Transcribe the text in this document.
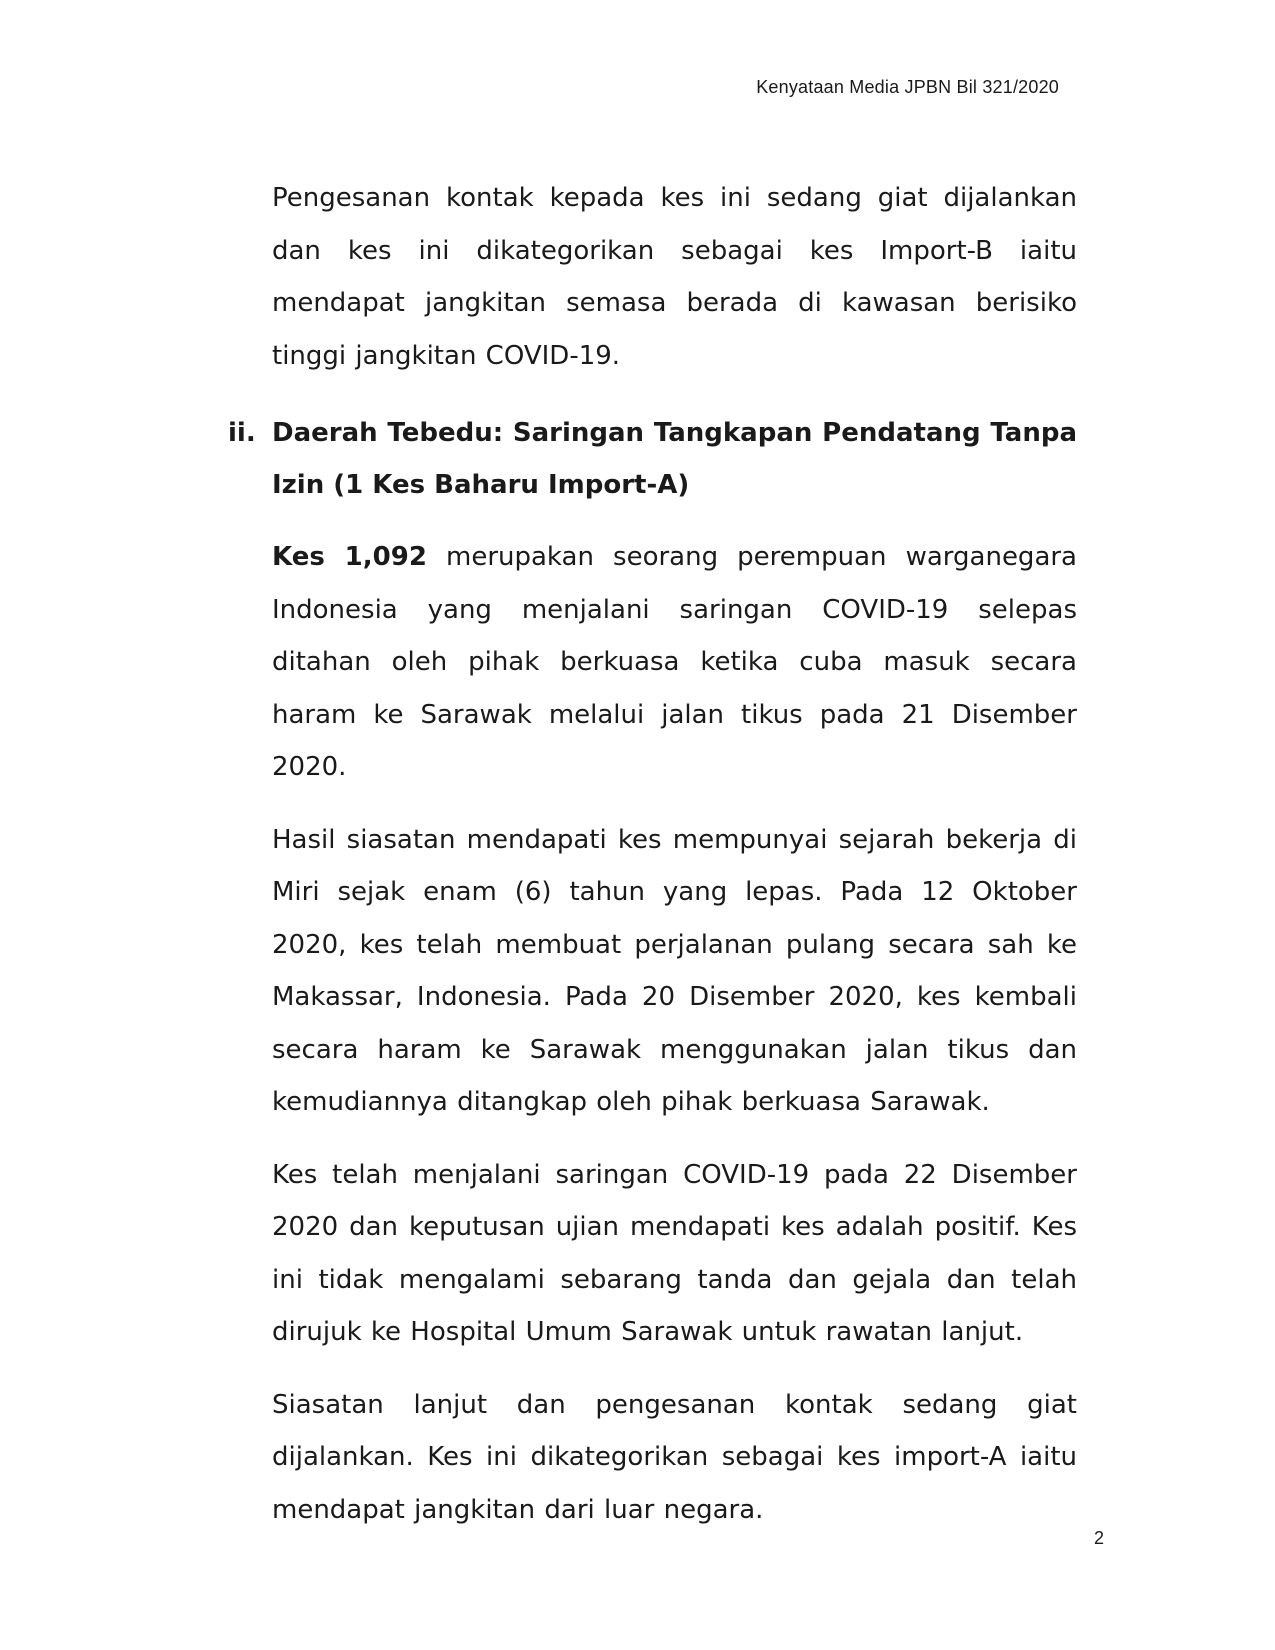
Kenyataan Media JPBN Bil 321/2020

Pengesanan kontak kepada kes ini sedang giat dijalankan dan kes ini dikategorikan sebagai kes Import-B iaitu mendapat jangkitan semasa berada di kawasan berisiko tinggi jangkitan COVID-19.

ii. Daerah Tebedu: Saringan Tangkapan Pendatang Tanpa Izin (1 Kes Baharu Import-A)

Kes 1,092 merupakan seorang perempuan warganegara Indonesia yang menjalani saringan COVID-19 selepas ditahan oleh pihak berkuasa ketika cuba masuk secara haram ke Sarawak melalui jalan tikus pada 21 Disember 2020.

Hasil siasatan mendapati kes mempunyai sejarah bekerja di Miri sejak enam (6) tahun yang lepas. Pada 12 Oktober 2020, kes telah membuat perjalanan pulang secara sah ke Makassar, Indonesia. Pada 20 Disember 2020, kes kembali secara haram ke Sarawak menggunakan jalan tikus dan kemudiannya ditangkap oleh pihak berkuasa Sarawak.

Kes telah menjalani saringan COVID-19 pada 22 Disember 2020 dan keputusan ujian mendapati kes adalah positif. Kes ini tidak mengalami sebarang tanda dan gejala dan telah dirujuk ke Hospital Umum Sarawak untuk rawatan lanjut.

Siasatan lanjut dan pengesanan kontak sedang giat dijalankan. Kes ini dikategorikan sebagai kes import-A iaitu mendapat jangkitan dari luar negara.

2
